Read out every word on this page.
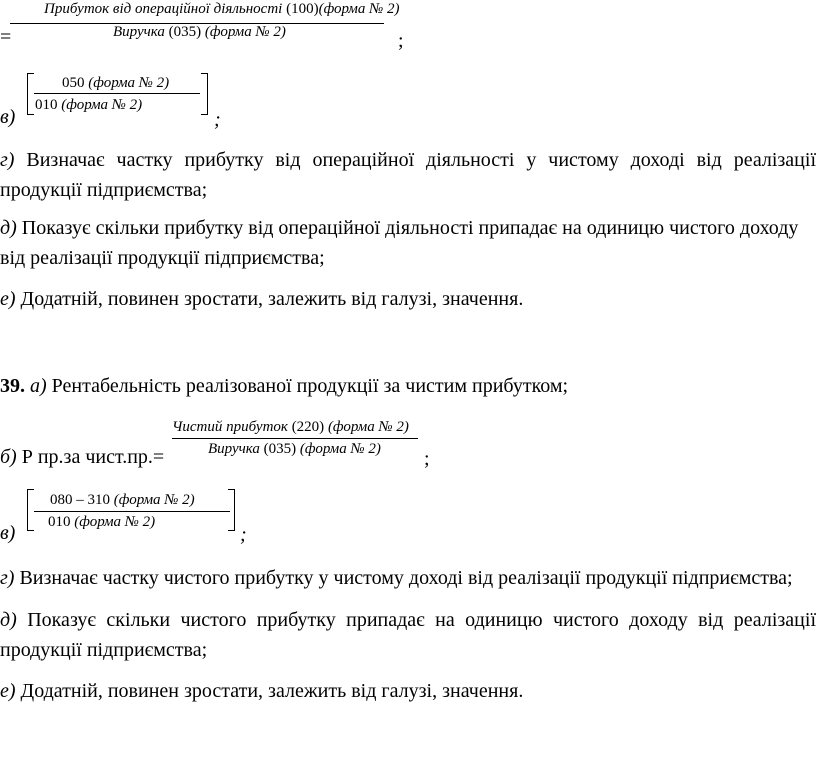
Прибуток від операційної діяльності (100)(форма № 2)
=	Виручка (035) (форма № 2)	;
050 (форма № 2)
010 (форма № 2)
в)	;
г) Визначає частку прибутку від операційної діяльності у чистому доході від реалізації продукції підприємства;
д) Показує скільки прибутку від операційної діяльності припадає на одиницю чистого доходу від реалізації продукції підприємства;
е) Додатній, повинен зростати, залежить від галузі, значення.
39. а) Рентабельність реалізованої продукції за чистим прибутком;
Чистий прибуток (220) (форма № 2)
Виручка (035) (форма № 2)
б) Р пр.за чист.пр.=	;
080 – 310 (форма № 2)
010 (форма № 2)
в)	;
г) Визначає частку чистого прибутку у чистому доході від реалізації продукції підприємства;
д) Показує скільки чистого прибутку припадає на одиницю чистого доходу від реалізації продукції підприємства;
е) Додатній, повинен зростати, залежить від галузі, значення.
